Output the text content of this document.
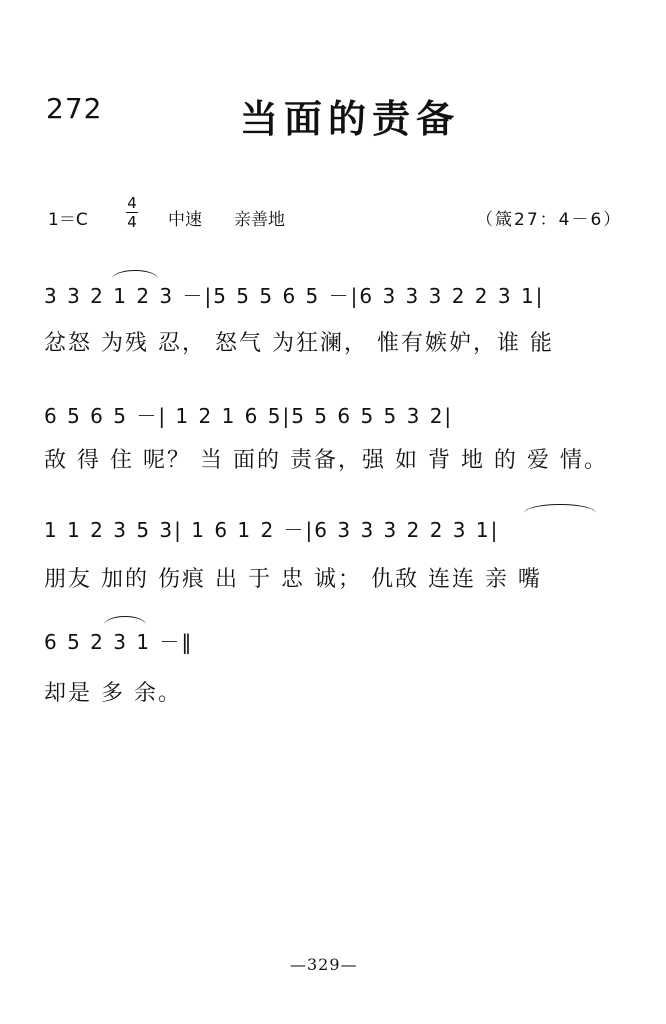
272	当面的责备
1＝C
4
4 中速 亲善地	（箴27：4－6）
3 3 2 1 2 3 －|5 5 5 6 5 －|6 3 3 3 2 2 3 1|
忿怒 为残 忍， 怒气 为狂澜， 惟有嫉妒，谁 能
6 5 6 5 －| 1 2 1 6 5|5 5 6 5 5 3 2|
敌 得 住 呢？ 当 面的 责备，强 如 背 地 的 爱 情。
1 1 2 3 5 3| 1 6 1 2 －|6 3 3 3 2 2 3 1|
朋友 加的 伤痕 出 于 忠 诚； 仇敌 连连 亲 嘴
6 5 2 3 1 －‖
却是 多 余。
—329—
